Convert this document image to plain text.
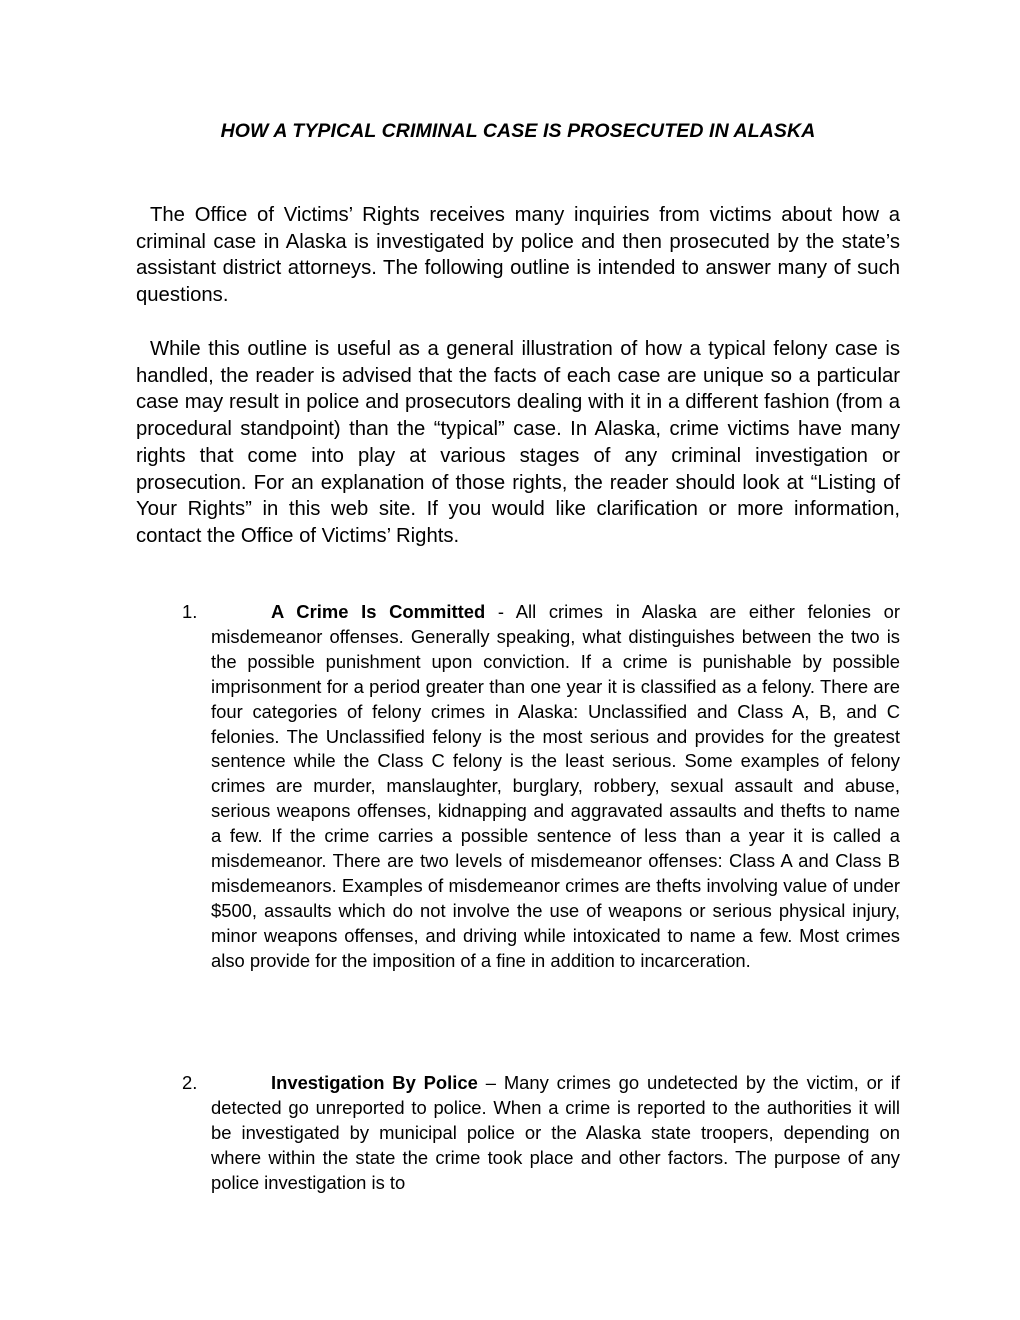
HOW A TYPICAL CRIMINAL CASE IS PROSECUTED IN ALASKA

The Office of Victims’ Rights receives many inquiries from victims about how a criminal case in Alaska is investigated by police and then prosecuted by the state’s assistant district attorneys. The following outline is intended to answer many of such questions.

While this outline is useful as a general illustration of how a typical felony case is handled, the reader is advised that the facts of each case are unique so a particular case may result in police and prosecutors dealing with it in a different fashion (from a procedural standpoint) than the “typical” case. In Alaska, crime victims have many rights that come into play at various stages of any criminal investigation or prosecution. For an explanation of those rights, the reader should look at “Listing of Your Rights” in this web site. If you would like clarification or more information, contact the Office of Victims’ Rights.

1.	A Crime Is Committed - All crimes in Alaska are either felonies or misdemeanor offenses. Generally speaking, what distinguishes between the two is the possible punishment upon conviction. If a crime is punishable by possible imprisonment for a period greater than one year it is classified as a felony. There are four categories of felony crimes in Alaska: Unclassified and Class A, B, and C felonies. The Unclassified felony is the most serious and provides for the greatest sentence while the Class C felony is the least serious. Some examples of felony crimes are murder, manslaughter, burglary, robbery, sexual assault and abuse, serious weapons offenses, kidnapping and aggravated assaults and thefts to name a few. If the crime carries a possible sentence of less than a year it is called a misdemeanor. There are two levels of misdemeanor offenses: Class A and Class B misdemeanors. Examples of misdemeanor crimes are thefts involving value of under $500, assaults which do not involve the use of weapons or serious physical injury, minor weapons offenses, and driving while intoxicated to name a few. Most crimes also provide for the imposition of a fine in addition to incarceration.
2.	Investigation By Police – Many crimes go undetected by the victim, or if detected go unreported to police. When a crime is reported to the authorities it will be investigated by municipal police or the Alaska state troopers, depending on where within the state the crime took place and other factors. The purpose of any police investigation is to
